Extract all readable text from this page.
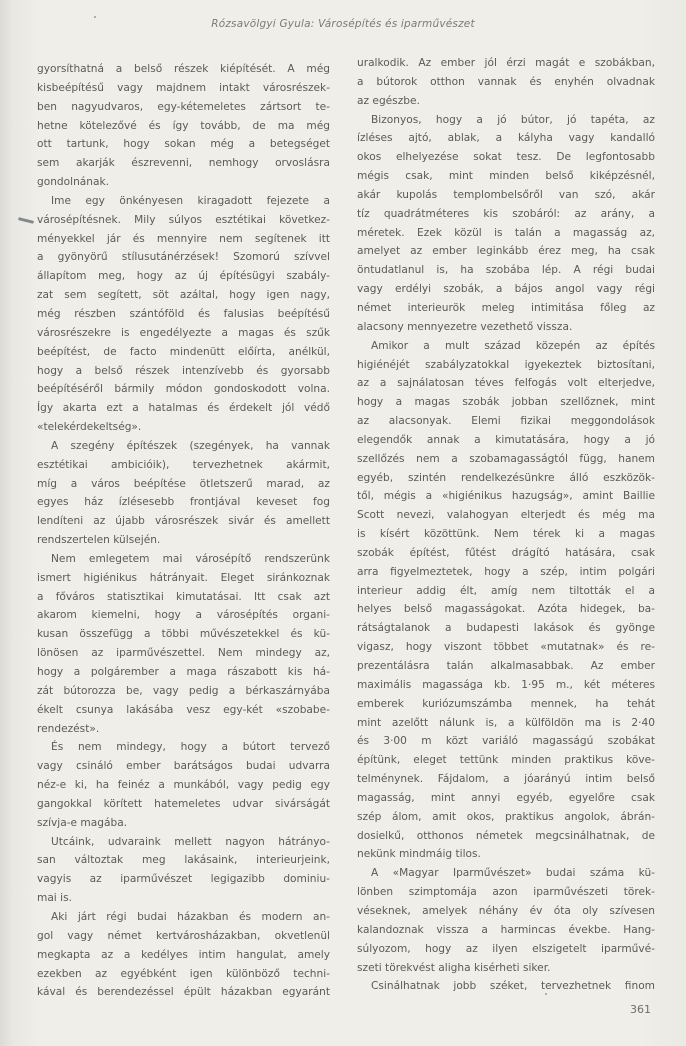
Rózsavölgyi Gyula: Városépítés és iparművészet
gyorsíthatná a belső részek kiépítését. A még
kisbeépítésű vagy majdnem intakt városrészek-
ben nagyudvaros, egy-kétemeletes zártsort te-
hetne kötelezővé és így tovább, de ma még
ott tartunk, hogy sokan még a betegséget
sem akarják észrevenni, nemhogy orvoslásra
gondolnának.
Ime egy önkényesen kiragadott fejezete a
városépítésnek. Mily súlyos esztétikai következ-
ményekkel jár és mennyire nem segítenek itt
a gyönyörű stílusutánérzések! Szomorú szívvel
állapítom meg, hogy az új építésügyi szabály-
zat sem segített, söt azáltal, hogy igen nagy,
még részben szántóföld és falusias beépítésű
városrészekre is engedélyezte a magas és szűk
beépítést, de facto mindenütt előírta, anélkül,
hogy a belső részek intenzívebb és gyorsabb
beépítéséről bármily módon gondoskodott volna.
Így akarta ezt a hatalmas és érdekelt jól védő
«telekérdekeltség».
A szegény építészek (szegények, ha vannak
esztétikai ambicióik), tervezhetnek akármit,
míg a város beépítése ötletszerű marad, az
egyes ház ízlésesebb frontjával keveset fog
lendíteni az újabb városrészek sivár és amellett
rendszertelen külsején.
Nem emlegetem mai városépítő rendszerünk
ismert higiénikus hátrányait. Eleget siránkoznak
a főváros statisztikai kimutatásai. Itt csak azt
akarom kiemelni, hogy a városépítés organi-
kusan összefügg a többi művészetekkel és kü-
lönösen az iparművészettel. Nem mindegy az,
hogy a polgárember a maga rászabott kis há-
zát bútorozza be, vagy pedig a bérkaszárnyába
ékelt csunya lakásába vesz egy-két «szobabe-
rendezést».
És nem mindegy, hogy a bútort tervező
vagy csináló ember barátságos budai udvarra
néz-e ki, ha feinéz a munkából, vagy pedig egy
gangokkal körített hatemeletes udvar sivárságát
szívja-e magába.
Utcáink, udvaraink mellett nagyon hátrányo-
san változtak meg lakásaink, interieurjeink,
vagyis az iparművészet legigazibb dominiu-
mai is.
Aki járt régi budai házakban és modern an-
gol vagy német kertvárosházakban, okvetlenül
megkapta az a kedélyes intim hangulat, amely
ezekben az egyébként igen különböző techni-
kával és berendezéssel épült házakban egyaránt
uralkodik. Az ember jól érzi magát e szobákban,
a bútorok otthon vannak és enyhén olvadnak
az egészbe.
Bizonyos, hogy a jó bútor, jó tapéta, az
ízléses ajtó, ablak, a kályha vagy kandalló
okos elhelyezése sokat tesz. De legfontosabb
mégis csak, mint minden belső kiképzésnél,
akár kupolás templombelsőről van szó, akár
tíz quadrátméteres kis szobáról: az arány, a
méretek. Ezek közül is talán a magasság az,
amelyet az ember leginkább érez meg, ha csak
öntudatlanul is, ha szobába lép. A régi budai
vagy erdélyi szobák, a bájos angol vagy régi
német interieurök meleg intimitása főleg az
alacsony mennyezetre vezethető vissza.
Amikor a mult század közepén az építés
higiénéjét szabályzatokkal igyekeztek biztosítani,
az a sajnálatosan téves felfogás volt elterjedve,
hogy a magas szobák jobban szellőznek, mint
az alacsonyak. Elemi fizikai meggondolások
elegendők annak a kimutatására, hogy a jó
szellőzés nem a szobamagasságtól függ, hanem
egyéb, szintén rendelkezésünkre álló eszközök-
től, mégis a «higiénikus hazugság», amint Baillie
Scott nevezi, valahogyan elterjedt és még ma
is kísért közöttünk. Nem térek ki a magas
szobák építést, fűtést drágító hatására, csak
arra figyelmeztetek, hogy a szép, intim polgári
interieur addig élt, amíg nem tiltották el a
helyes belső magasságokat. Azóta hidegek, ba-
rátságtalanok a budapesti lakások és gyönge
vigasz, hogy viszont többet «mutatnak» és re-
prezentálásra talán alkalmasabbak. Az ember
maximális magassága kb. 1·95 m., két méteres
emberek kuriózumszámba mennek, ha tehát
mint azelőtt nálunk is, a külföldön ma is 2·40
és 3·00 m közt variáló magasságú szobákat
építünk, eleget tettünk minden praktikus köve-
telménynek. Fájdalom, a jóarányú intim belső
magasság, mint annyi egyéb, egyelőre csak
szép álom, amit okos, praktikus angolok, ábrán-
dosielkű, otthonos németek megcsinálhatnak, de
nekünk mindmáig tilos.
A «Magyar Iparművészet» budai száma kü-
lönben szimptomája azon iparművészeti törek-
véseknek, amelyek néhány év óta oly szívesen
kalandoznak vissza a harmincas évekbe. Hang-
súlyozom, hogy az ilyen elszigetelt iparművé-
szeti törekvést aligha kisérheti siker.
Csinálhatnak jobb széket, tervezhetnek finom
361
